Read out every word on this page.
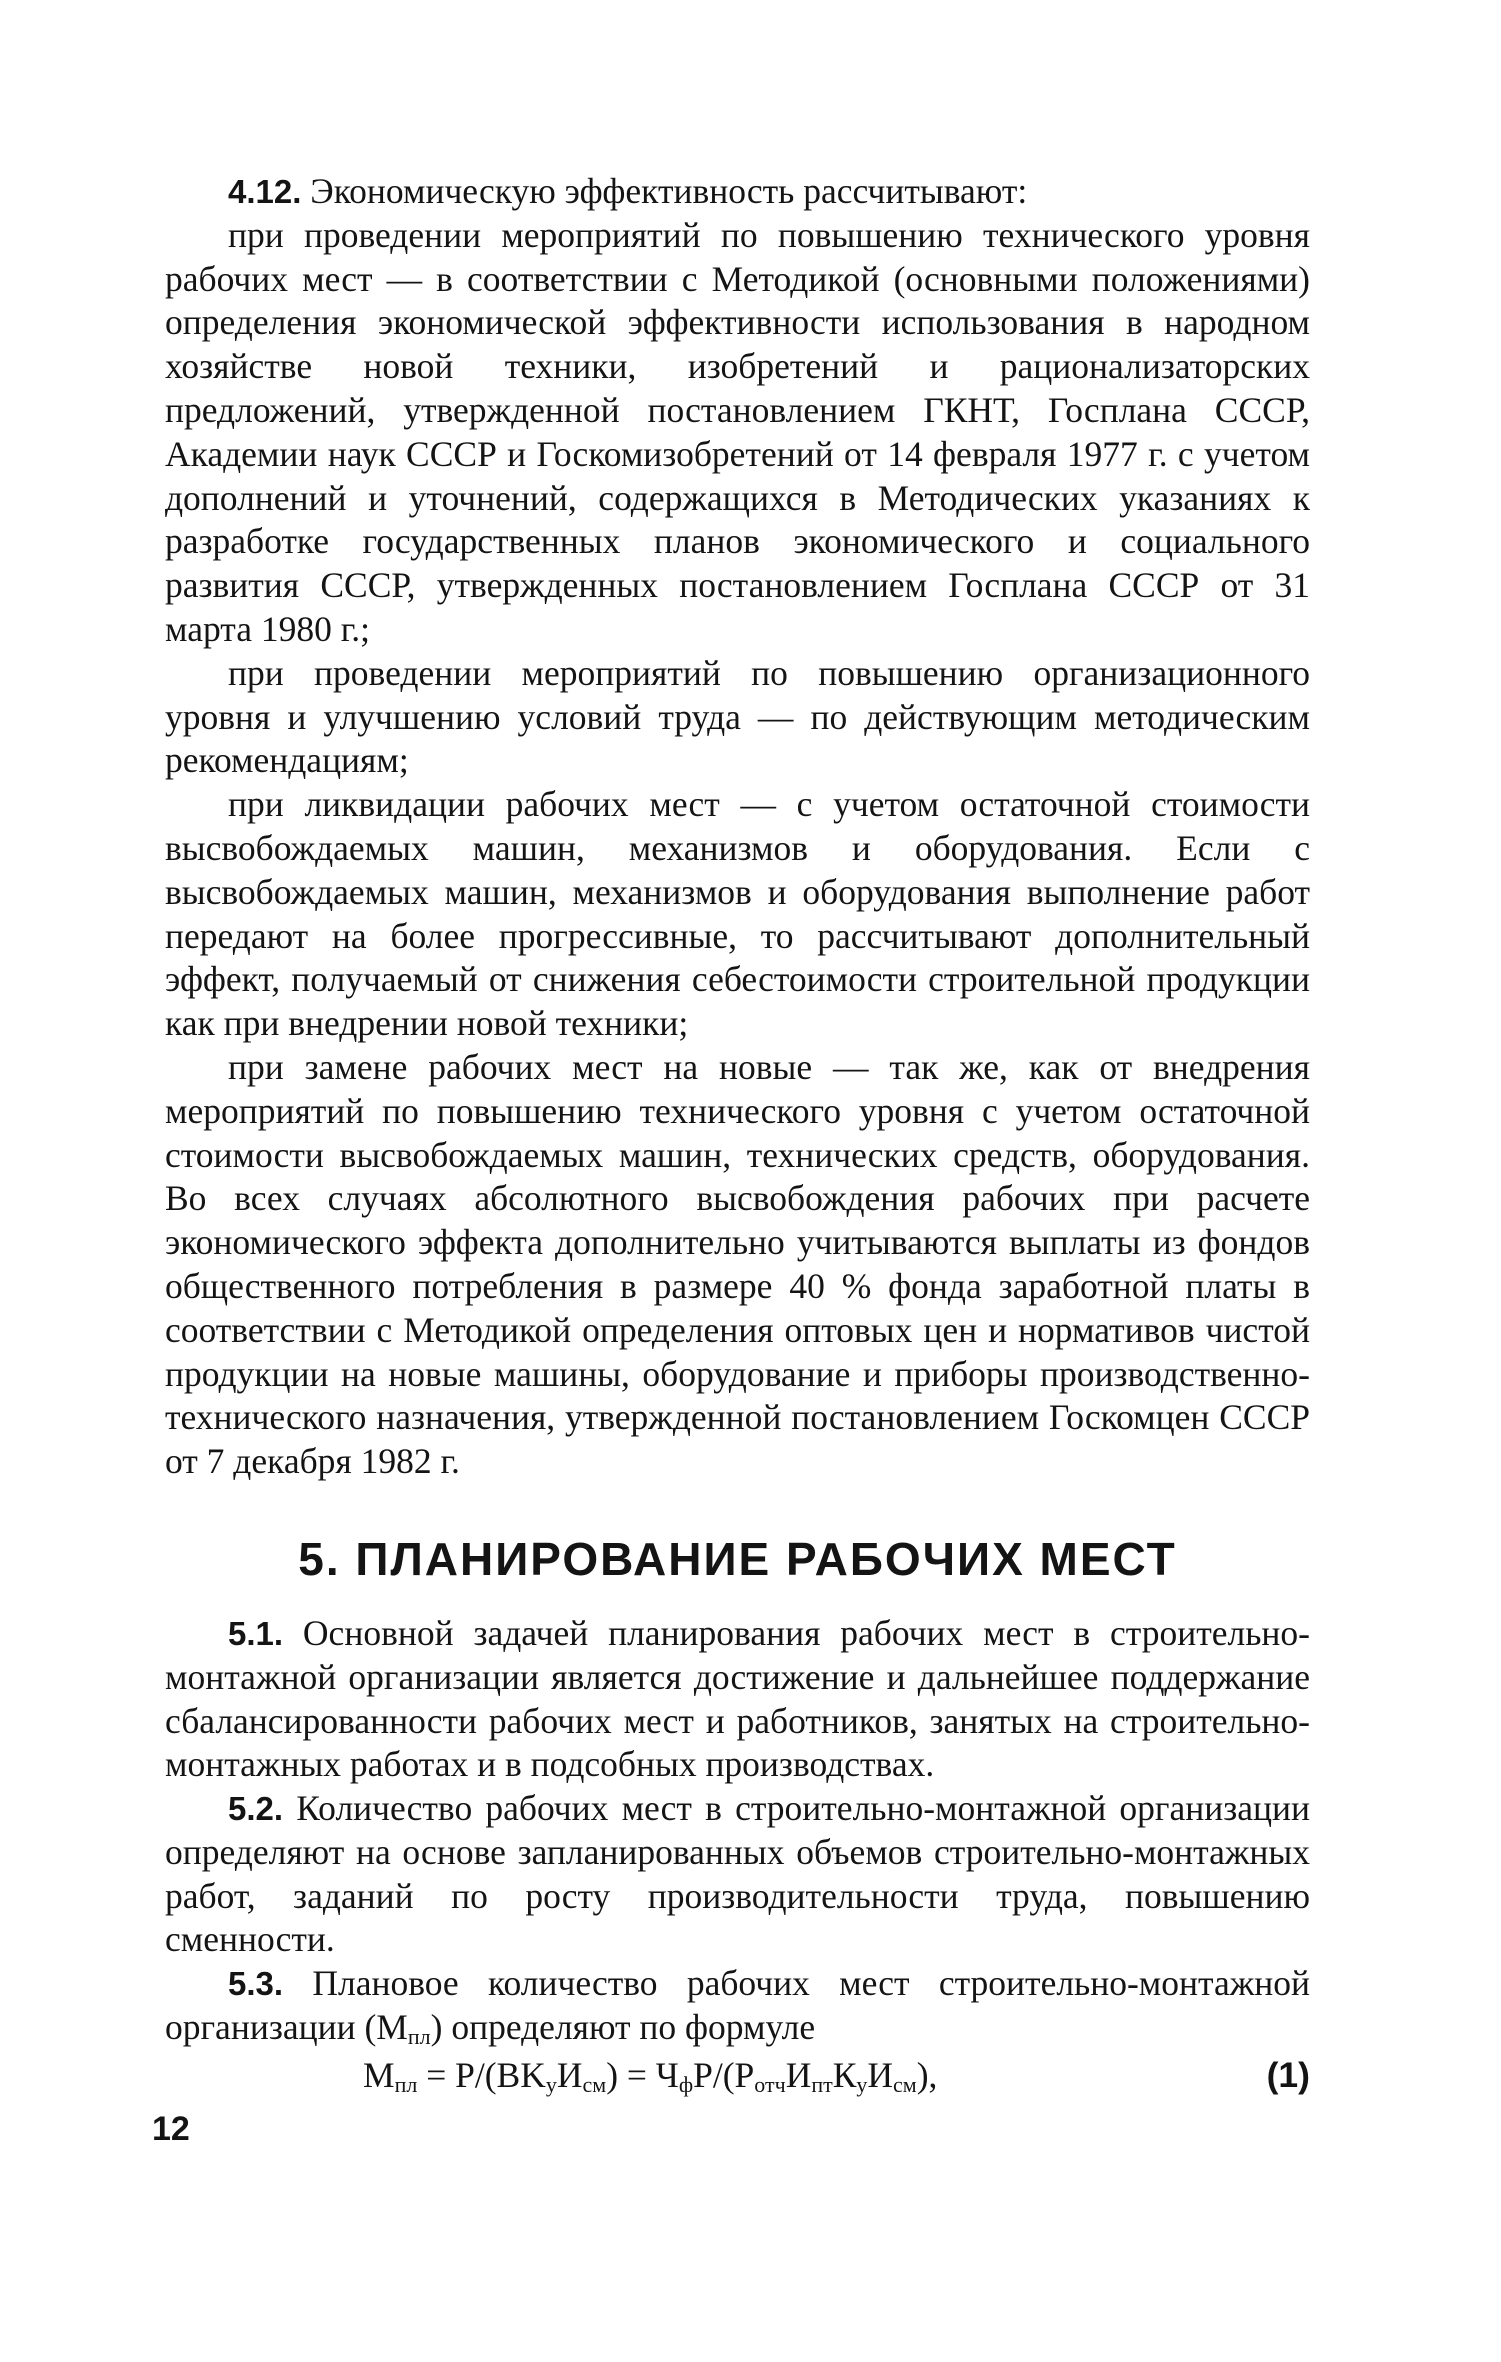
4.12. Экономическую эффективность рассчитывают:

при проведении мероприятий по повышению технического уровня рабочих мест — в соответствии с Методикой (основными положениями) определения экономической эффективности использования в народном хозяйстве новой техники, изобретений и рационализаторских предложений, утвержденной постановлением ГКНТ, Госплана СССР, Академии наук СССР и Госкомизобретений от 14 февраля 1977 г. с учетом дополнений и уточнений, содержащихся в Методических указаниях к разработке государственных планов экономического и социального развития СССР, утвержденных постановлением Госплана СССР от 31 марта 1980 г.;

при проведении мероприятий по повышению организационного уровня и улучшению условий труда — по действующим методическим рекомендациям;

при ликвидации рабочих мест — с учетом остаточной стоимости высвобождаемых машин, механизмов и оборудования. Если с высвобождаемых машин, механизмов и оборудования выполнение работ передают на более прогрессивные, то рассчитывают дополнительный эффект, получаемый от снижения себестоимости строительной продукции как при внедрении новой техники;

при замене рабочих мест на новые — так же, как от внедрения мероприятий по повышению технического уровня с учетом остаточной стоимости высвобождаемых машин, технических средств, оборудования. Во всех случаях абсолютного высвобождения рабочих при расчете экономического эффекта дополнительно учитываются выплаты из фондов общественного потребления в размере 40 % фонда заработной платы в соответствии с Методикой определения оптовых цен и нормативов чистой продукции на новые машины, оборудование и приборы производственно-технического назначения, утвержденной постановлением Госкомцен СССР от 7 декабря 1982 г.

5. ПЛАНИРОВАНИЕ РАБОЧИХ МЕСТ

5.1. Основной задачей планирования рабочих мест в строительно-монтажной организации является достижение и дальнейшее поддержание сбалансированности рабочих мест и работников, занятых на строительно-монтажных работах и в подсобных производствах.

5.2. Количество рабочих мест в строительно-монтажной организации определяют на основе запланированных объемов строительно-монтажных работ, заданий по росту производительности труда, повышению сменности.

5.3. Плановое количество рабочих мест строительно-монтажной организации $(М_{пл})$ определяют по формуле

$М_{пл} = P/(BK_уИ_{см}) = Ч_фP/(P_{отч}И_{пт}К_уИ_{см})$,	(1)
12
